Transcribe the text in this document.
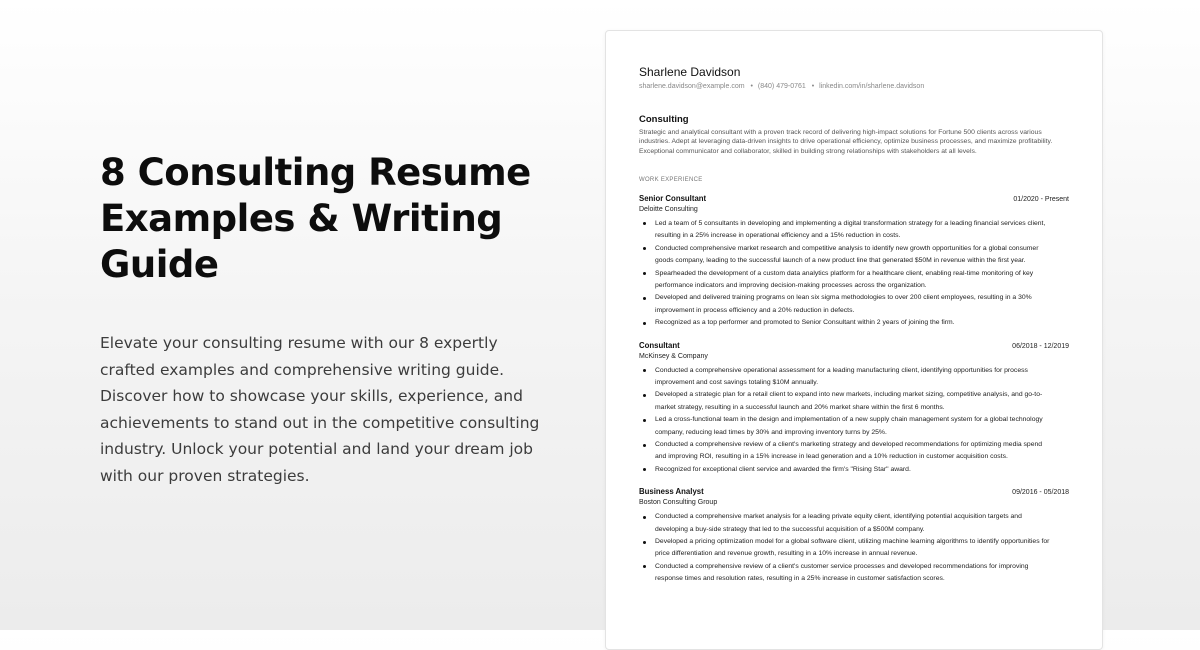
8 Consulting Resume Examples & Writing Guide

Elevate your consulting resume with our 8 expertly crafted examples and comprehensive writing guide. Discover how to showcase your skills, experience, and achievements to stand out in the competitive consulting industry. Unlock your potential and land your dream job with our proven strategies.

Sharlene Davidson
sharlene.davidson@example.com • (840) 479-0761 • linkedin.com/in/sharlene.davidson
Consulting
Strategic and analytical consultant with a proven track record of delivering high-impact solutions for Fortune 500 clients across various industries. Adept at leveraging data-driven insights to drive operational efficiency, optimize business processes, and maximize profitability. Exceptional communicator and collaborator, skilled in building strong relationships with stakeholders at all levels.
WORK EXPERIENCE
Senior Consultant	01/2020 - Present
Deloitte Consulting
Led a team of 5 consultants in developing and implementing a digital transformation strategy for a leading financial services client, resulting in a 25% increase in operational efficiency and a 15% reduction in costs.
Conducted comprehensive market research and competitive analysis to identify new growth opportunities for a global consumer goods company, leading to the successful launch of a new product line that generated $50M in revenue within the first year.
Spearheaded the development of a custom data analytics platform for a healthcare client, enabling real-time monitoring of key performance indicators and improving decision-making processes across the organization.
Developed and delivered training programs on lean six sigma methodologies to over 200 client employees, resulting in a 30% improvement in process efficiency and a 20% reduction in defects.
Recognized as a top performer and promoted to Senior Consultant within 2 years of joining the firm.
Consultant	06/2018 - 12/2019
McKinsey & Company
Conducted a comprehensive operational assessment for a leading manufacturing client, identifying opportunities for process improvement and cost savings totaling $10M annually.
Developed a strategic plan for a retail client to expand into new markets, including market sizing, competitive analysis, and go-to-market strategy, resulting in a successful launch and 20% market share within the first 6 months.
Led a cross-functional team in the design and implementation of a new supply chain management system for a global technology company, reducing lead times by 30% and improving inventory turns by 25%.
Conducted a comprehensive review of a client's marketing strategy and developed recommendations for optimizing media spend and improving ROI, resulting in a 15% increase in lead generation and a 10% reduction in customer acquisition costs.
Recognized for exceptional client service and awarded the firm's "Rising Star" award.
Business Analyst	09/2016 - 05/2018
Boston Consulting Group
Conducted a comprehensive market analysis for a leading private equity client, identifying potential acquisition targets and developing a buy-side strategy that led to the successful acquisition of a $500M company.
Developed a pricing optimization model for a global software client, utilizing machine learning algorithms to identify opportunities for price differentiation and revenue growth, resulting in a 10% increase in annual revenue.
Conducted a comprehensive review of a client's customer service processes and developed recommendations for improving response times and resolution rates, resulting in a 25% increase in customer satisfaction scores.
